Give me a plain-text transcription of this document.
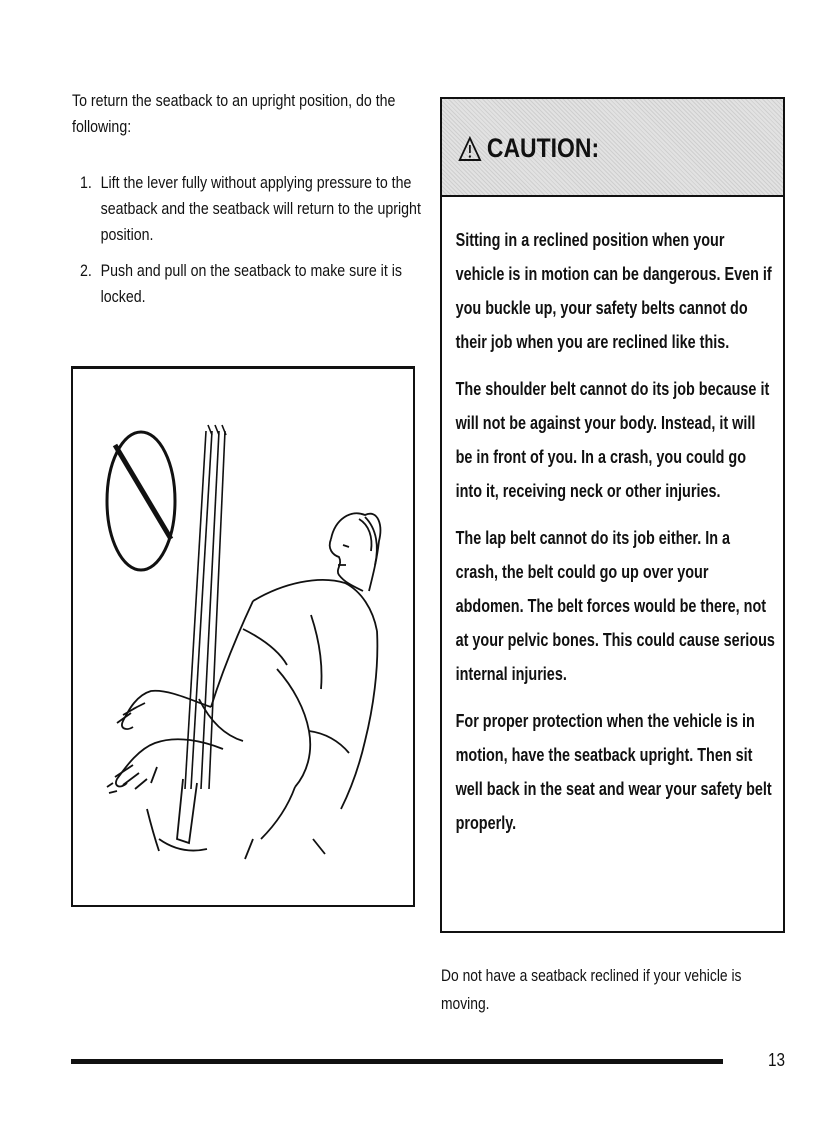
To return the seatback to an upright position, do the following:
1. Lift the lever fully without applying pressure to the seatback and the seatback will return to the upright position.
2. Push and pull on the seatback to make sure it is locked.
CAUTION:

Sitting in a reclined position when your vehicle is in motion can be dangerous. Even if you buckle up, your safety belts cannot do their job when you are reclined like this.

The shoulder belt cannot do its job because it will not be against your body. Instead, it will be in front of you. In a crash, you could go into it, receiving neck or other injuries.

The lap belt cannot do its job either. In a crash, the belt could go up over your abdomen. The belt forces would be there, not at your pelvic bones. This could cause serious internal injuries.

For proper protection when the vehicle is in motion, have the seatback upright. Then sit well back in the seat and wear your safety belt properly.

Do not have a seatback reclined if your vehicle is moving.
13
